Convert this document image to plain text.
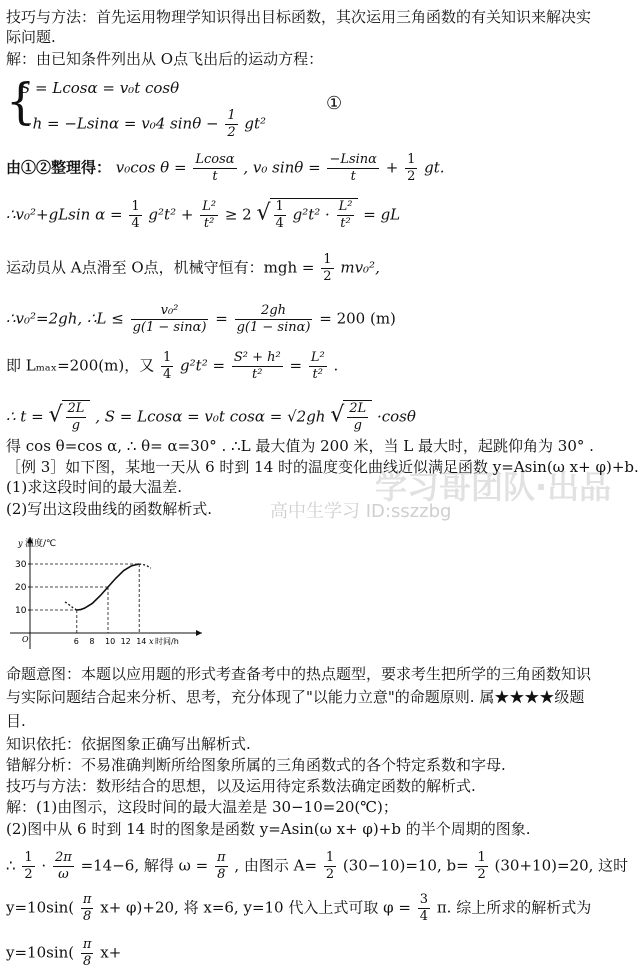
学习哥团队·出品
高中生学习 ID:sszzbg
技巧与方法：首先运用物理学知识得出目标函数，其次运用三角函数的有关知识来解决实
际问题.
解：由已知条件列出从 O点飞出后的运动方程：
{
S = Lcosα = v₀t cosθ
−h = −Lsinα = v₀4 $\sin\theta - \frac{1}{2} gt^2$
①
由①②整理得： v₀cos $\theta = \frac{Lcos\alpha}{t}$ , v₀ $\sin\theta = \frac{-Lsin\alpha}{t} + \frac{1}{2}$ gt.
∴v₀²+gLsin $\alpha = \frac{1}{4} g^2t^2 + \frac{\text{L²}}{\text{t²}} \ge 2$ √ $\frac{1}{4} g^2t^2 \cdot \frac{\text{L²}}{\text{t²}}$ = gL
运动员从 A点滑至 O点，机械守恒有：mgh = $\frac{1}{2} mv_0^2$,
∴v₀²=2gh, ∴L ≤ $\frac{\text{v₀²}}{g(1 - \sin\alpha)} = \frac{2gh}{g(1 - \sin\alpha)} = 200$ (m)
即 Lₘₐₓ=200(m)，又 $\frac{1}{4} g^2t^2 = \frac{\text{S² + h²}}{\text{t²}} = \frac{\text{L²}}{\text{t²}}$ .
∴ t = √ $\frac{2L}{g}$ , S = Lcosα = v₀t cosα = √2gh √ $\frac{2L}{g} \cdot\cos\theta$
得 cos θ=cos α, ∴ θ= α=30° . ∴L 最大值为 200 米，当 L 最大时，起跳仰角为 30° .
［例 3］如下图，某地一天从 6 时到 14 时的温度变化曲线近似满足函数 y=Asin(ω x+ φ)+b.
(1)求这段时间的最大温差.
(2)写出这段曲线的函数解析式.
y 温度/℃
x 时间/h
O
10
20
30
6 8 10 12 14
命题意图：本题以应用题的形式考查备考中的热点题型，要求考生把所学的三角函数知识
与实际问题结合起来分析、思考，充分体现了"以能力立意"的命题原则. 属★★★★级题
目.
知识依托：依据图象正确写出解析式.
错解分析：不易准确判断所给图象所属的三角函数式的各个特定系数和字母.
技巧与方法：数形结合的思想，以及运用待定系数法确定函数的解析式.
解：(1)由图示，这段时间的最大温差是 30−10=20(℃)；
(2)图中从 6 时到 14 时的图象是函数 y=Asin(ω x+ φ)+b 的半个周期的图象.
∴ $\frac{1}{2} \cdot \frac{2\pi}{\omega} =14-6$, 解得 $\omega = \frac{\pi}{8}$ , 由图示 $A= \frac{1}{2} (30-10)=10$, $b= \frac{1}{2} (30+10)=20$, 这时
$y=10\sin( \frac{\pi}{8} x+ \varphi)+20$, 将 x=6, y=10 代入上式可取 $\varphi = \frac{3}{4} \pi$. 综上所求的解析式为
$y=10\sin( \frac{\pi}{8} x+$
